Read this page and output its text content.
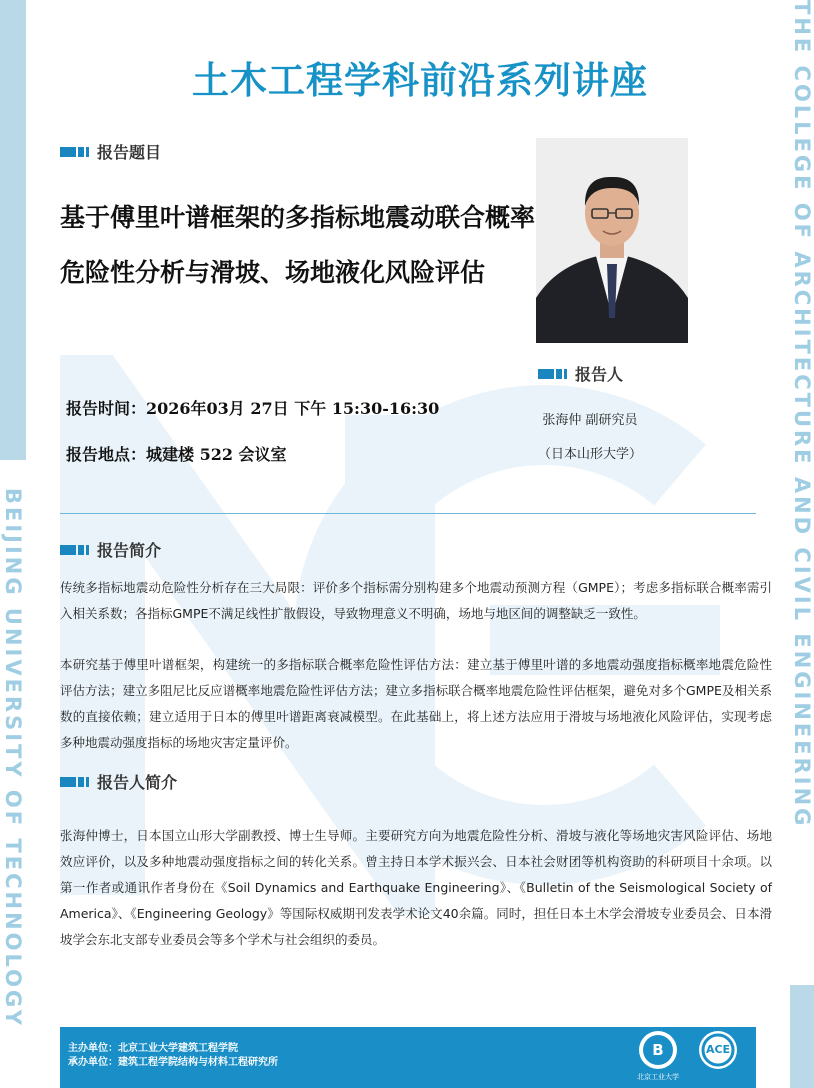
BEIJING UNIVERSITY OF TECHNOLOGY	THE COLLEGE OF ARCHITECTURE AND CIVIL ENGINEERING
土木工程学科前沿系列讲座
报告题目
基于傅里叶谱框架的多指标地震动联合概率危险性分析与滑坡、场地液化风险评估
报告人
报告时间：2026年03月 27日 下午 15:30-16:30
报告地点：城建楼 522 会议室
张海仲 副研究员
（日本山形大学）
报告简介
传统多指标地震动危险性分析存在三大局限：评价多个指标需分别构建多个地震动预测方程（GMPE）；考虑多指标联合概率需引入相关系数；各指标GMPE不满足线性扩散假设，导致物理意义不明确，场地与地区间的调整缺乏一致性。
本研究基于傅里叶谱框架，构建统一的多指标联合概率危险性评估方法：建立基于傅里叶谱的多地震动强度指标概率地震危险性评估方法；建立多阻尼比反应谱概率地震危险性评估方法；建立多指标联合概率地震危险性评估框架，避免对多个GMPE及相关系数的直接依赖；建立适用于日本的傅里叶谱距离衰减模型。在此基础上，将上述方法应用于滑坡与场地液化风险评估，实现考虑多种地震动强度指标的场地灾害定量评价。
报告人简介
张海仲博士，日本国立山形大学副教授、博士生导师。主要研究方向为地震危险性分析、滑坡与液化等场地灾害风险评估、场地效应评价，以及多种地震动强度指标之间的转化关系。曾主持日本学术振兴会、日本社会财团等机构资助的科研项目十余项。以第一作者或通讯作者身份在《Soil Dynamics and Earthquake Engineering》、《Bulletin of the Seismological Society of America》、《Engineering Geology》等国际权威期刊发表学术论文40余篇。同时，担任日本土木学会滑坡专业委员会、日本滑坡学会东北支部专业委员会等多个学术与社会组织的委员。
主办单位：北京工业大学建筑工程学院
承办单位：建筑工程学院结构与材料工程研究所
B
北京工业大学
ACE
